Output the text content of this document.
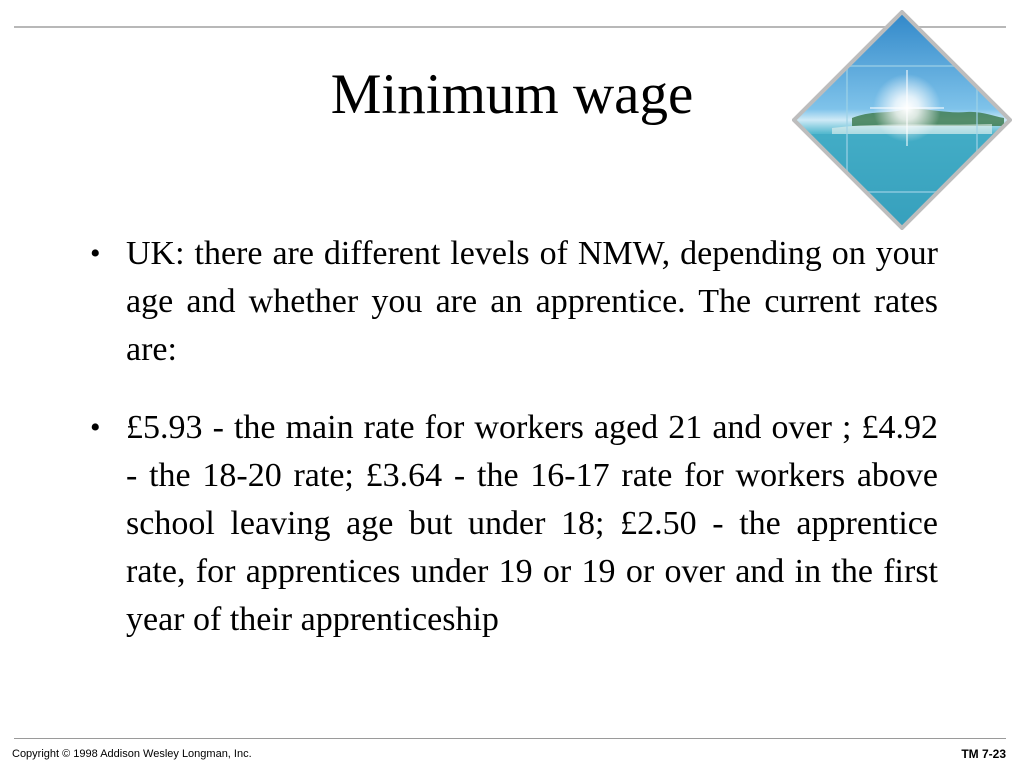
Minimum wage
• UK: there are different levels of NMW, depending on your age and whether you are an apprentice. The current rates are:
• £5.93 - the main rate for workers aged 21 and over ; £4.92 - the 18-20 rate; £3.64 - the 16-17 rate for workers above school leaving age but under 18; £2.50 - the apprentice rate, for apprentices under 19 or 19 or over and in the first year of their apprenticeship
Copyright © 1998 Addison Wesley Longman, Inc.	TM 7-23
